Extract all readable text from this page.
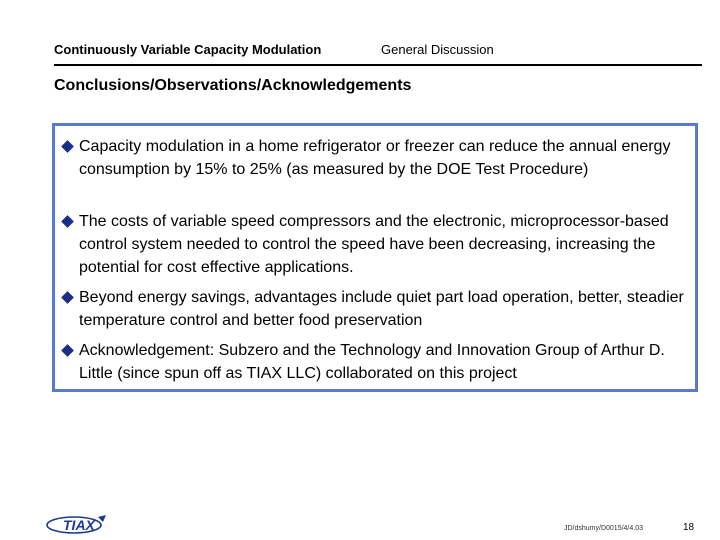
Continuously Variable Capacity Modulation	General Discussion
Conclusions/Observations/Acknowledgements
Capacity modulation in a home refrigerator or freezer can reduce the annual energy consumption by 15% to 25% (as measured by the DOE Test Procedure)
The costs of variable speed compressors and the electronic, microprocessor-based control system needed to control the speed have been decreasing, increasing the potential for cost effective applications.
Beyond energy savings, advantages include quiet part load operation, better, steadier temperature control and better food preservation
Acknowledgement: Subzero and the Technology and Innovation Group of Arthur D. Little (since spun off as TIAX LLC) collaborated on this project
TIAX	JD/dshumy/D0015/4/4.03	18
